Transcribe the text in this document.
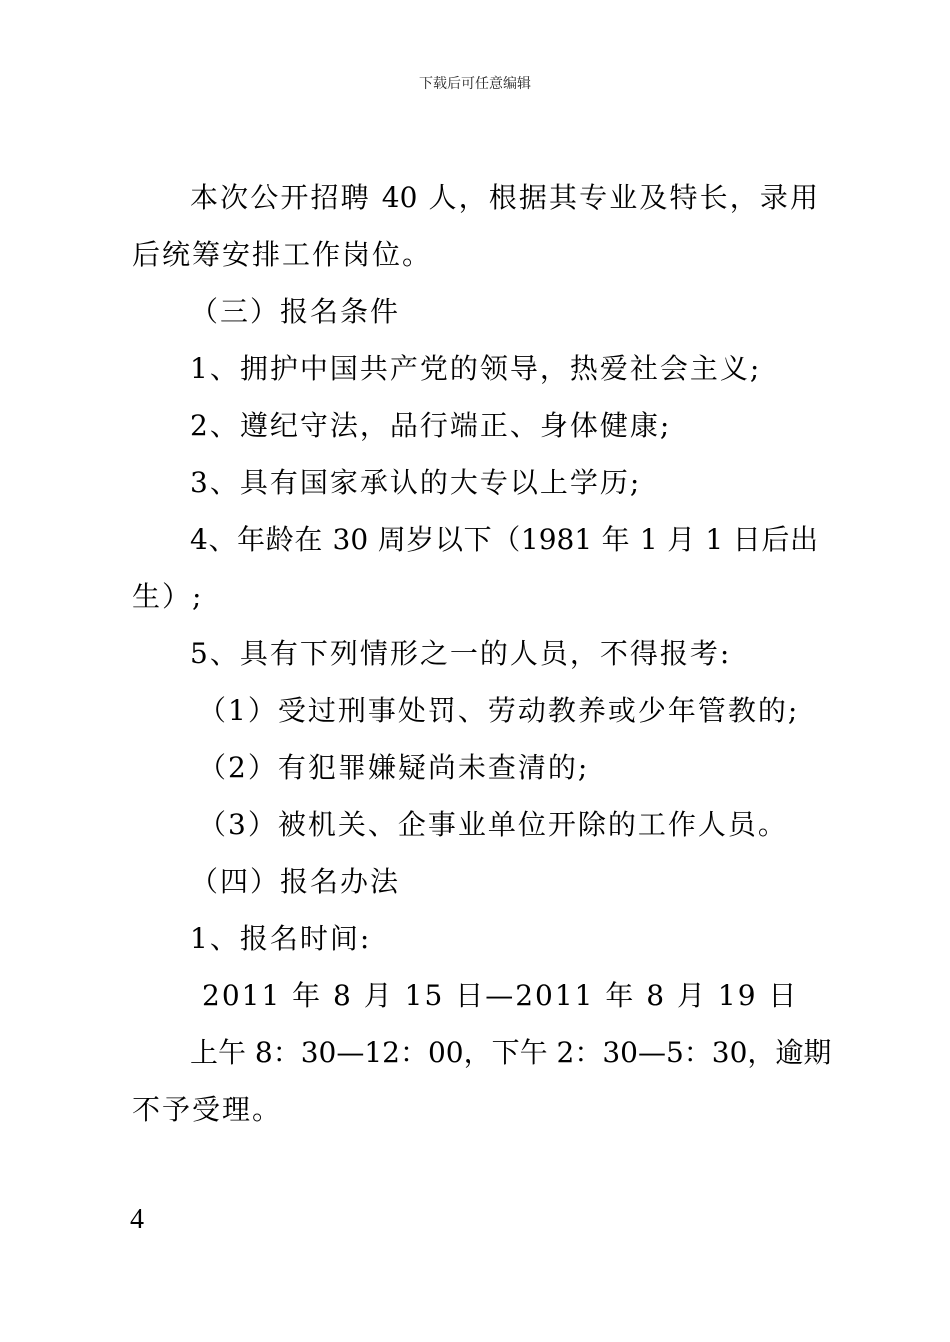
下载后可任意编辑
本次公开招聘 40 人，根据其专业及特长，录用
后统筹安排工作岗位。
（三）报名条件
1、拥护中国共产党的领导，热爱社会主义;
2、遵纪守法，品行端正、身体健康;
3、具有国家承认的大专以上学历;
4、年龄在 30 周岁以下（1981 年 1 月 1 日后出
生）;
5、具有下列情形之一的人员，不得报考:
（1）受过刑事处罚、劳动教养或少年管教的;
（2）有犯罪嫌疑尚未查清的;
（3）被机关、企事业单位开除的工作人员。
（四）报名办法
1、报名时间:
2011 年 8 月 15 日—2011 年 8 月 19 日
上午 8：30—12：00，下午 2：30—5：30，逾期
不予受理。
4
